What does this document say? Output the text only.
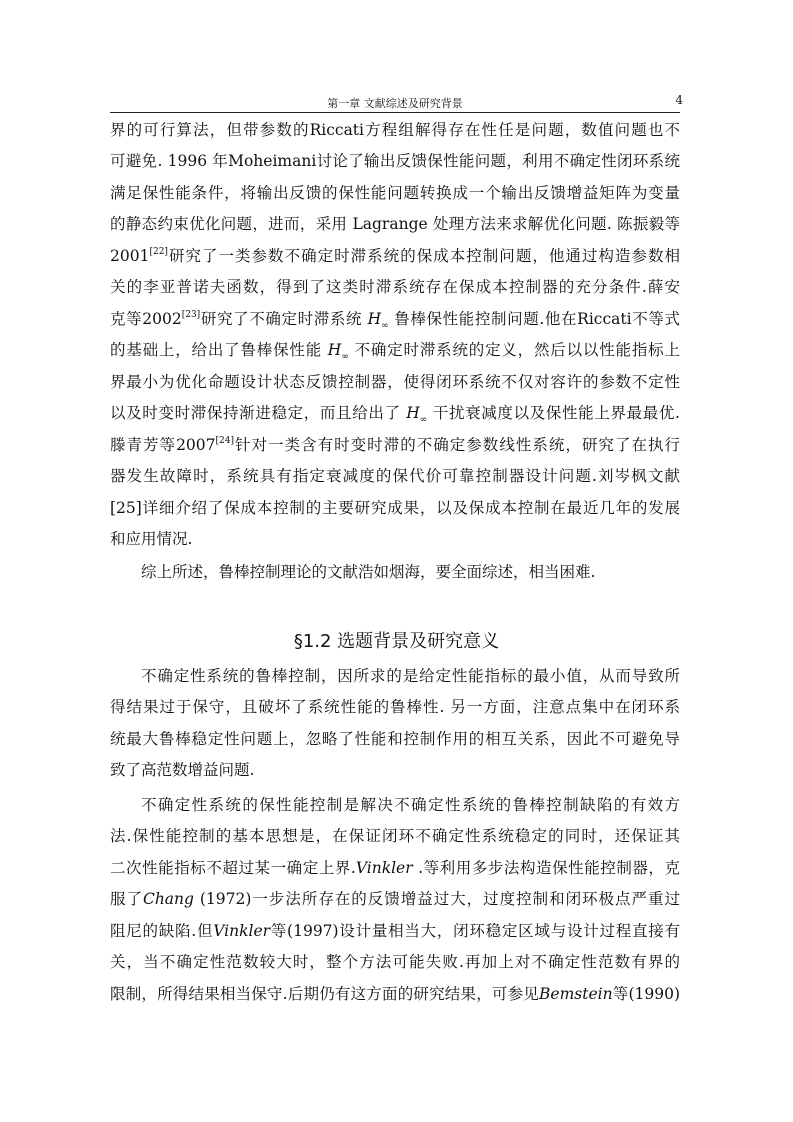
第一章 文献综述及研究背景	4
界的可行算法，但带参数的Riccati方程组解得存在性任是问题，数值问题也不
可避免. 1996 年Moheimani讨论了输出反馈保性能问题，利用不确定性闭环系统
满足保性能条件，将输出反馈的保性能问题转换成一个输出反馈增益矩阵为变量
的静态约束优化问题，进而，采用 Lagrange 处理方法来求解优化问题. 陈振毅等
2001[22]研究了一类参数不确定时滞系统的保成本控制问题，他通过构造参数相
关的李亚普诺夫函数，得到了这类时滞系统存在保成本控制器的充分条件.薛安
克等2002[23]研究了不确定时滞系统 $H_\infty$ 鲁棒保性能控制问题.他在Riccati不等式
的基础上，给出了鲁棒保性能 $H_\infty$ 不确定时滞系统的定义，然后以以性能指标上
界最小为优化命题设计状态反馈控制器，使得闭环系统不仅对容许的参数不定性
以及时变时滞保持渐进稳定，而且给出了 $H_\infty$ 干扰衰减度以及保性能上界最最优.
滕青芳等2007[24]针对一类含有时变时滞的不确定参数线性系统，研究了在执行
器发生故障时，系统具有指定衰减度的保代价可靠控制器设计问题.刘岑枫文献
[25]详细介绍了保成本控制的主要研究成果，以及保成本控制在最近几年的发展
和应用情况.
综上所述，鲁棒控制理论的文献浩如烟海，要全面综述，相当困难.
§1.2 选题背景及研究意义
不确定性系统的鲁棒控制，因所求的是给定性能指标的最小值，从而导致所
得结果过于保守，且破坏了系统性能的鲁棒性. 另一方面，注意点集中在闭环系
统最大鲁棒稳定性问题上，忽略了性能和控制作用的相互关系，因此不可避免导
致了高范数增益问题.
不确定性系统的保性能控制是解决不确定性系统的鲁棒控制缺陷的有效方
法.保性能控制的基本思想是，在保证闭环不确定性系统稳定的同时，还保证其
二次性能指标不超过某一确定上界.Vinkler .等利用多步法构造保性能控制器，克
服了Chang (1972)一步法所存在的反馈增益过大，过度控制和闭环极点严重过
阻尼的缺陷.但Vinkler等(1997)设计量相当大，闭环稳定区域与设计过程直接有
关，当不确定性范数较大时，整个方法可能失败.再加上对不确定性范数有界的
限制，所得结果相当保守.后期仍有这方面的研究结果，可参见Bemstein等(1990)
